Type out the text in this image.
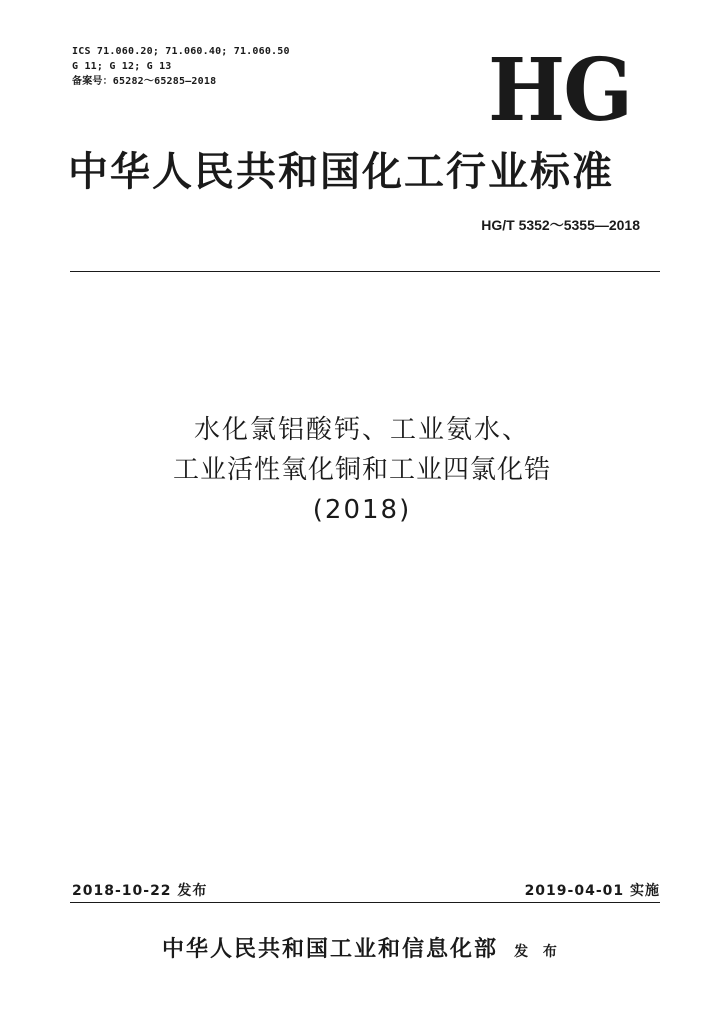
ICS 71.060.20; 71.060.40; 71.060.50
G 11; G 12; G 13
备案号：65282～65285—2018	HG
中华人民共和国化工行业标准
HG/T 5352～5355—2018
水化氯铝酸钙、工业氨水、
工业活性氧化铜和工业四氯化锆
(2018)
2018-10-22 发布	2019-04-01 实施
中华人民共和国工业和信息化部 发 布
